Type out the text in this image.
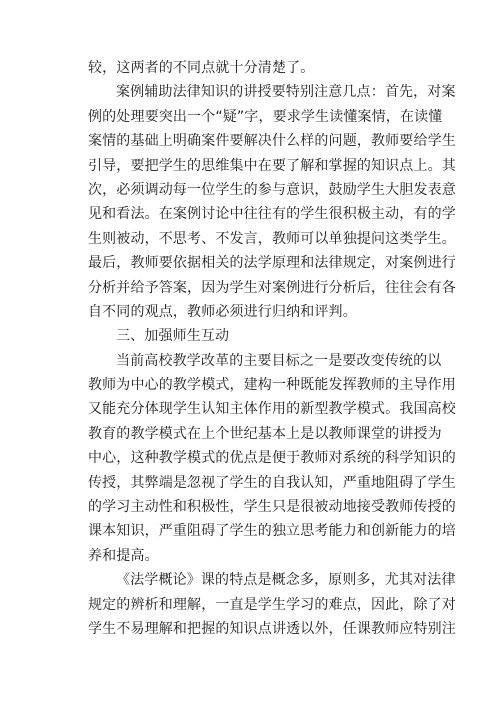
较，这两者的不同点就十分清楚了。
案例辅助法律知识的讲授要特别注意几点：首先，对案
例的处理要突出一个“疑”字，要求学生读懂案情，在读懂
案情的基础上明确案件要解决什么样的问题，教师要给学生
引导，要把学生的思维集中在要了解和掌握的知识点上。其
次，必须调动每一位学生的参与意识，鼓励学生大胆发表意
见和看法。在案例讨论中往往有的学生很积极主动，有的学
生则被动，不思考、不发言，教师可以单独提问这类学生。
最后，教师要依据相关的法学原理和法律规定，对案例进行
分析并给予答案，因为学生对案例进行分析后，往往会有各
自不同的观点，教师必须进行归纳和评判。
三、加强师生互动
当前高校教学改革的主要目标之一是要改变传统的以
教师为中心的教学模式，建构一种既能发挥教师的主导作用
又能充分体现学生认知主体作用的新型教学模式。我国高校
教育的教学模式在上个世纪基本上是以教师课堂的讲授为
中心，这种教学模式的优点是便于教师对系统的科学知识的
传授，其弊端是忽视了学生的自我认知，严重地阻碍了学生
的学习主动性和积极性，学生只是很被动地接受教师传授的
课本知识，严重阻碍了学生的独立思考能力和创新能力的培
养和提高。
《法学概论》课的特点是概念多，原则多，尤其对法律
规定的辨析和理解，一直是学生学习的难点，因此，除了对
学生不易理解和把握的知识点讲透以外，任课教师应特别注
